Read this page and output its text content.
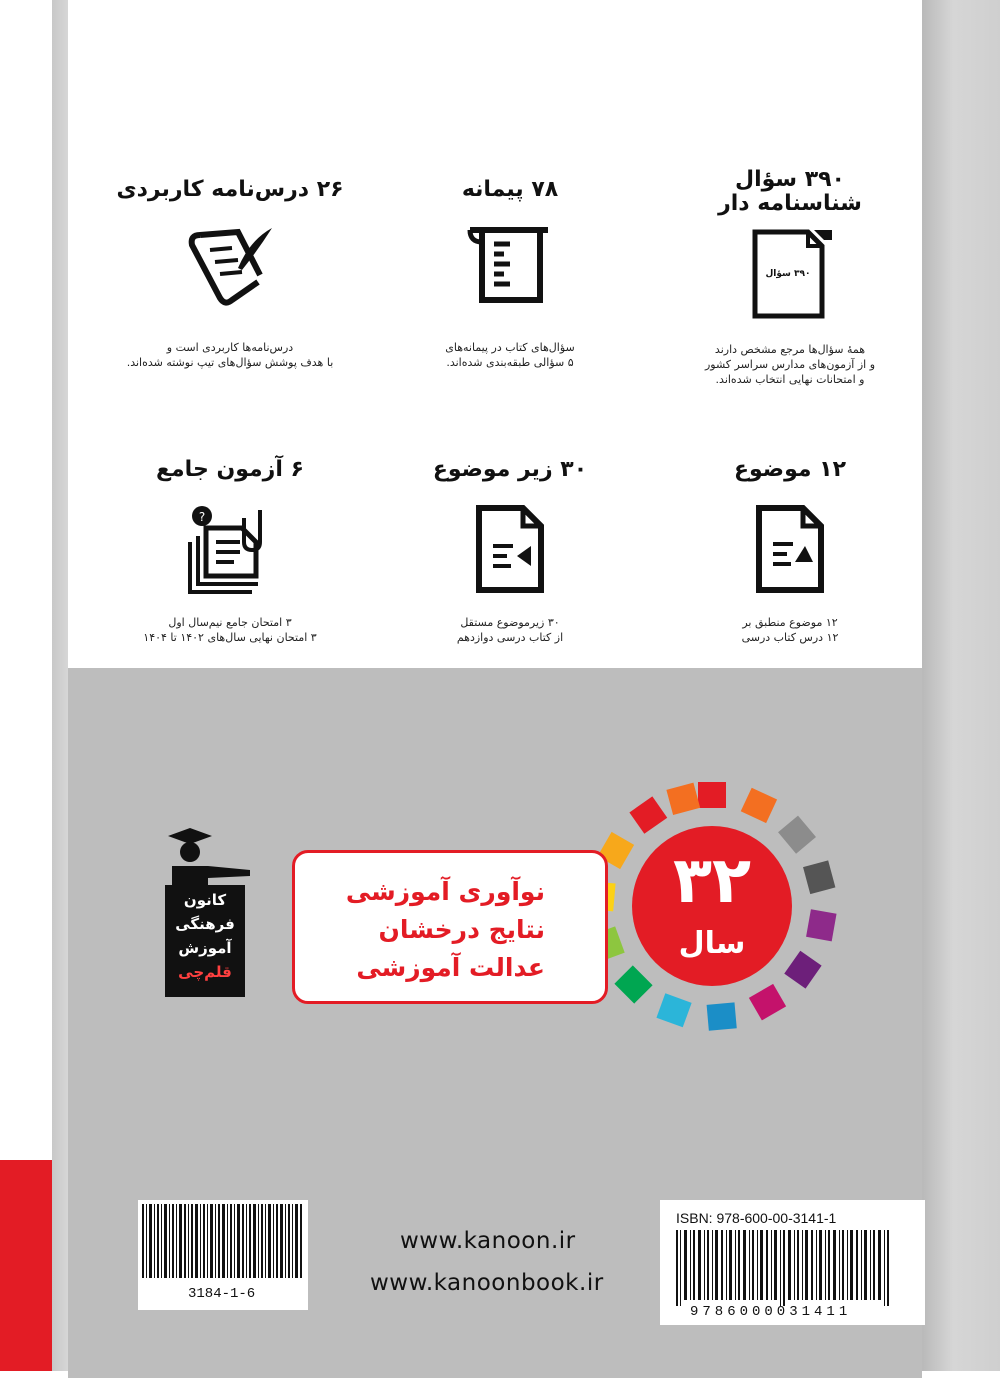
۳۹۰ سؤال

شناسنامه دار

۳۹۰ سؤال
همهٔ سؤال‌ها مرجع مشخص دارند
و از آزمون‌های مدارس سراسر کشور
و امتحانات نهایی انتخاب شده‌اند.

۷۸ پیمانه

سؤال‌های کتاب در پیمانه‌های
۵ سؤالی طبقه‌بندی شده‌اند.

۲۶ درس‌نامه کاربردی

درس‌نامه‌ها کاربردی است و
با هدف پوشش سؤال‌های تیپ نوشته شده‌اند.

۱۲ موضوع

۱۲ موضوع منطبق بر
۱۲ درس کتاب درسی

۳۰ زیر موضوع

۳۰ زیرموضوع مستقل
از کتاب درسی دوازدهم

۶ آزمون جامع

?
۳ امتحان جامع نیم‌سال اول
۳ امتحان نهایی سال‌های ۱۴۰۲ تا ۱۴۰۴
نوآوری آموزشی
نتایج درخشان
عدالت آموزشی
۳۲
سال
کانون
فرهنگی
آموزش
قلم‌چی
3184-1-6
www.kanoon.ir
www.kanoonbook.ir
9786000031411
ISBN: 978-600-00-3141-1
